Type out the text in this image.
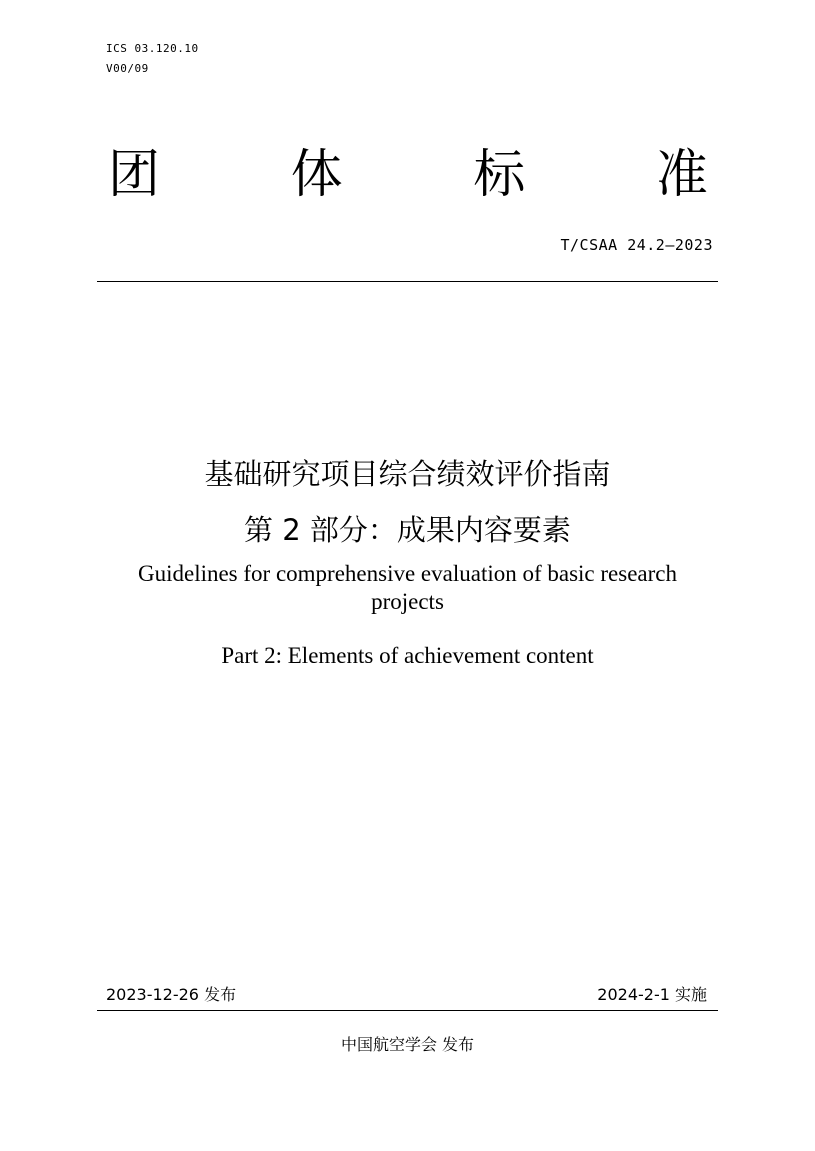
ICS 03.120.10
V00/09
团	体	标	准
T/CSAA 24.2—2023
基础研究项目综合绩效评价指南
第 2 部分：成果内容要素
Guidelines for comprehensive evaluation of basic research
projects
Part 2: Elements of achievement content
2023-12-26 发布	2024-2-1 实施
中国航空学会 发布
